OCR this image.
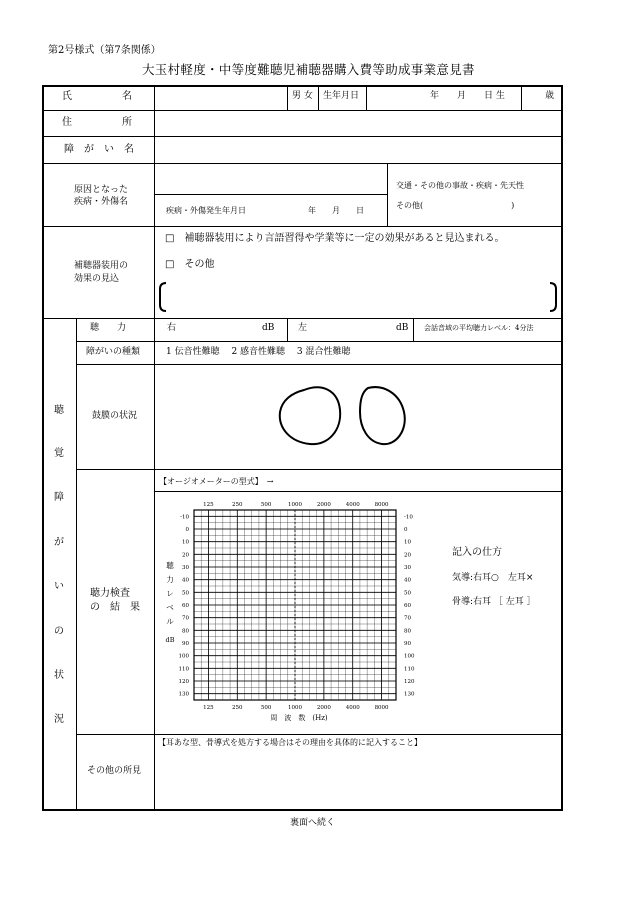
第2号様式（第7条関係）
大玉村軽度・中等度難聴児補聴器購入費等助成事業意見書
氏　　　　　名	男 女 生年月日	年　　月　　日 生	歳
住　　　　　所
障　が　い　名
原因となった
疾病・外傷名
疾病・外傷発生年月日	年　　月　　日
交通・その他の事故・疾病・先天性
その他(　　　　　　　　　　　)
補聴器装用の
効果の見込
□　補聴器装用により言語習得や学業等に一定の効果があると見込まれる。
□　その他
聴
覚
障
が
い
の
状
況
聴　　力	右	dB	左	dB 会話音域の平均聴力レベル：4分法
障がいの種類	1 伝音性難聴　 2 感音性難聴　 3 混合性難聴
鼓膜の状況
聴力検査
の　結　果
【オージオメーターの型式】　→
125
125
250
250
500
500
1000
1000
2000
2000
4000
4000
8000
8000
-10	-10
0	0
10	10
20	20
30	30
40	40
50	50
60	60
70	70
80	80
90	90
100	100
110	110
120	120
130	130
聴
力
レ
ベ
ル
dB
周　波　数　(Hz)
記入の仕方
気導:右耳○　左耳×
骨導:右耳 ［ 左耳 ］
その他の所見
【耳あな型、骨導式を処方する場合はその理由を具体的に記入すること】
裏面へ続く
